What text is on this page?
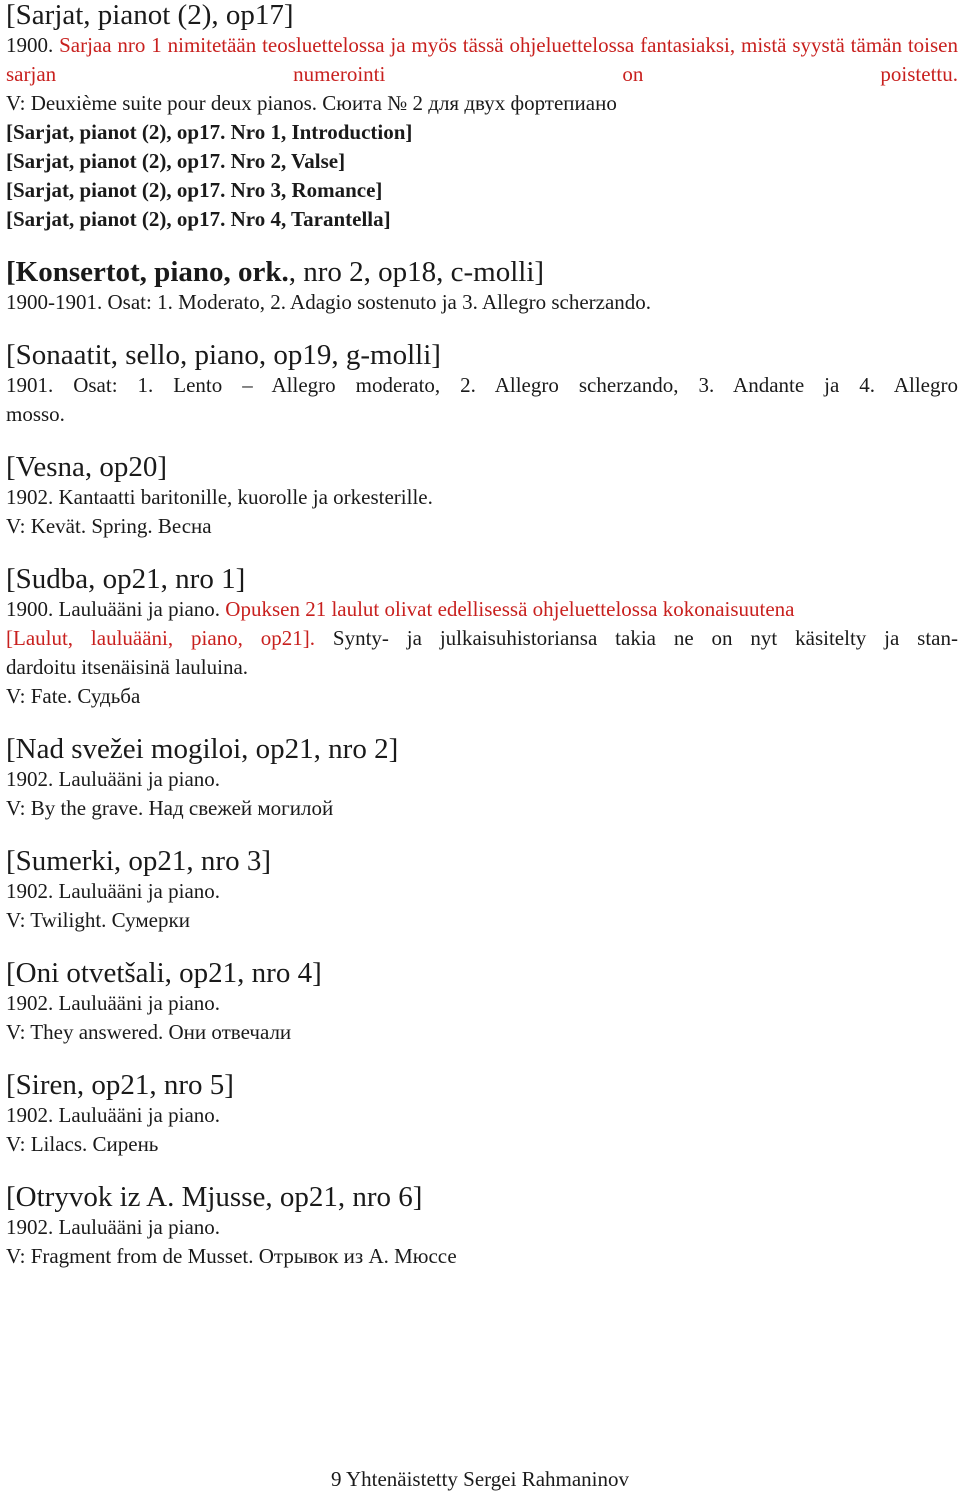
[Sarjat, pianot (2), op17]

1900. Sarjaa nro 1 nimitetään teosluettelossa ja myös tässä ohjeluettelossa fantasiaksi, mistä syystä tämän toisen sarjan numerointi on poistettu.

V: Deuxième suite pour deux pianos. Сюита № 2 для двух фортепиано

[Sarjat, pianot (2), op17. Nro 1, Introduction]

[Sarjat, pianot (2), op17. Nro 2, Valse]

[Sarjat, pianot (2), op17. Nro 3, Romance]

[Sarjat, pianot (2), op17. Nro 4, Tarantella]

[Konsertot, piano, ork., nro 2, op18, c-molli]

1900-1901. Osat: 1. Moderato, 2. Adagio sostenuto ja 3. Allegro scherzando.

[Sonaatit, sello, piano, op19, g-molli]

1901. Osat: 1. Lento – Allegro moderato, 2. Allegro scherzando, 3. Andante ja 4. Allegro

mosso.

[Vesna, op20]

1902. Kantaatti baritonille, kuorolle ja orkesterille.

V: Kevät. Spring. Весна

[Sudba, op21, nro 1]

1900. Lauluääni ja piano. Opuksen 21 laulut olivat edellisessä ohjeluettelossa kokonaisuutena

[Laulut, lauluääni, piano, op21]. Synty- ja julkaisuhistoriansa takia ne on nyt käsitelty ja stan-

dardoitu itsenäisinä lauluina.

V: Fate. Судьба

[Nad svežei mogiloi, op21, nro 2]

1902. Lauluääni ja piano.

V: By the grave. Над свежей могилой

[Sumerki, op21, nro 3]

1902. Lauluääni ja piano.

V: Twilight. Сумерки

[Oni otvetšali, op21, nro 4]

1902. Lauluääni ja piano.

V: They answered. Они отвечали

[Siren, op21, nro 5]

1902. Lauluääni ja piano.

V: Lilacs. Сирень

[Otryvok iz A. Mjusse, op21, nro 6]

1902. Lauluääni ja piano.

V: Fragment from de Musset. Отрывок из А. Мюссе

9 Yhtenäistetty Sergei Rahmaninov
